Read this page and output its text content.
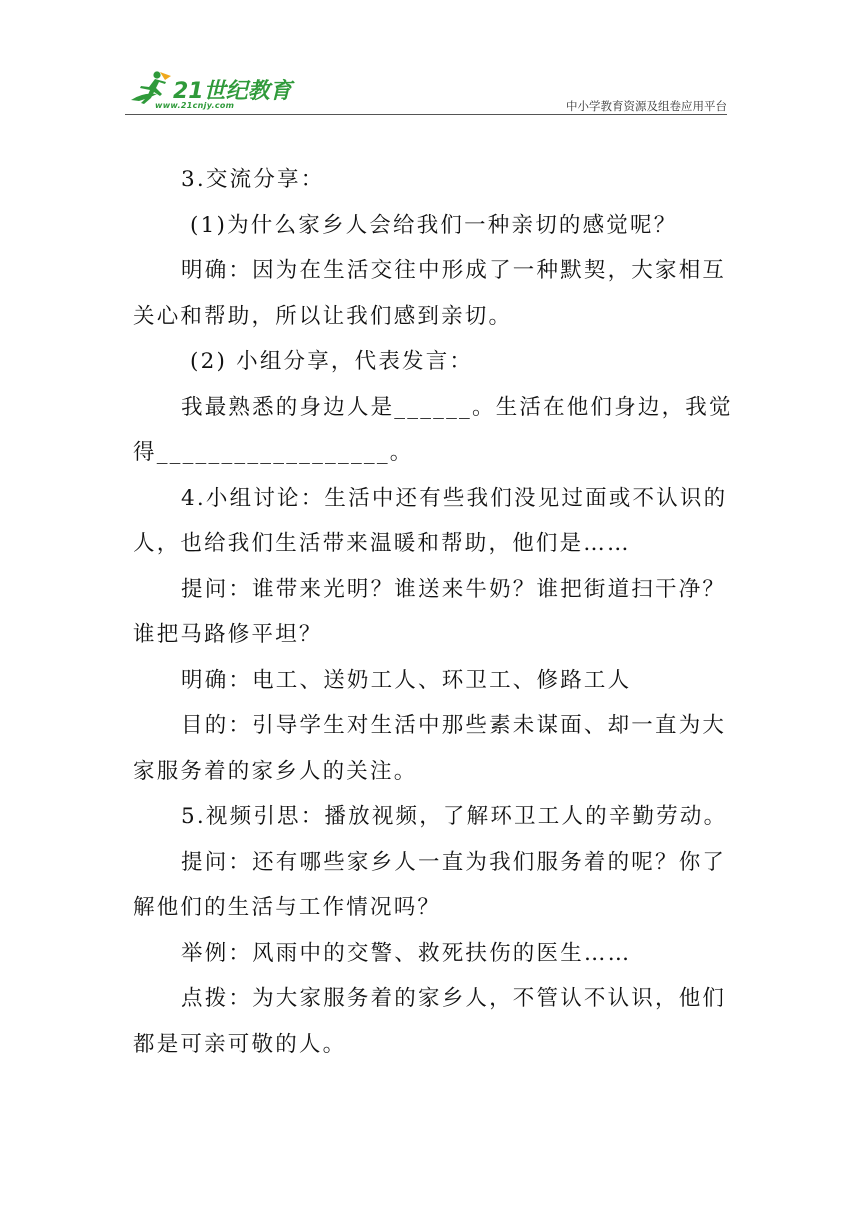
21世纪教育
www.21cnjy.com	中小学教育资源及组卷应用平台

3.交流分享：

(1)为什么家乡人会给我们一种亲切的感觉呢？

明确：因为在生活交往中形成了一种默契，大家相互关心和帮助，所以让我们感到亲切。

(2) 小组分享，代表发言：

我最熟悉的身边人是______。生活在他们身边，我觉得__________________。

4.小组讨论：生活中还有些我们没见过面或不认识的人，也给我们生活带来温暖和帮助，他们是……

提问：谁带来光明？谁送来牛奶？谁把街道扫干净？谁把马路修平坦？

明确：电工、送奶工人、环卫工、修路工人

目的：引导学生对生活中那些素未谋面、却一直为大家服务着的家乡人的关注。

5.视频引思：播放视频，了解环卫工人的辛勤劳动。

提问：还有哪些家乡人一直为我们服务着的呢？你了解他们的生活与工作情况吗？

举例：风雨中的交警、救死扶伤的医生……

点拨：为大家服务着的家乡人，不管认不认识，他们都是可亲可敬的人。
